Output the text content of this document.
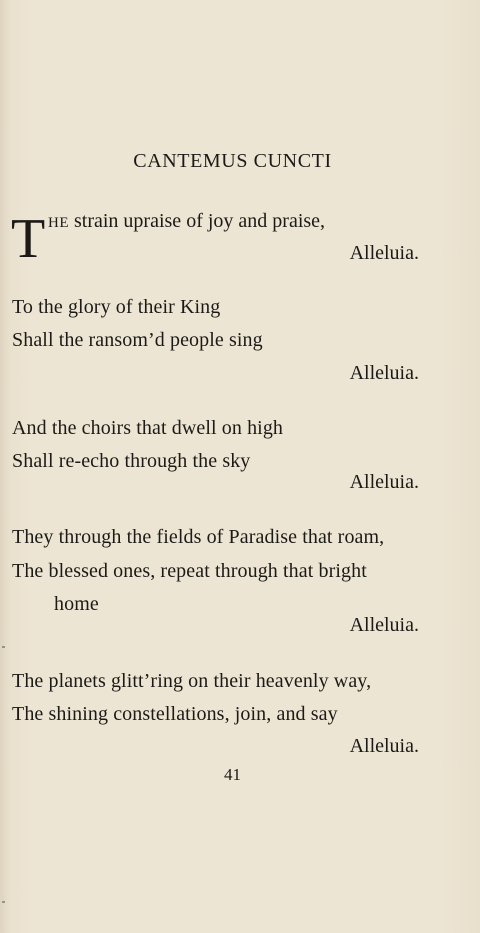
CANTEMUS CUNCTI
T HE strain upraise of joy and praise,
Alleluia.
To the glory of their King
Shall the ransom’d people sing
Alleluia.
And the choirs that dwell on high
Shall re-echo through the sky
Alleluia.
They through the fields of Paradise that roam,
The blessed ones, repeat through that bright
home
Alleluia.
The planets glitt’ring on their heavenly way,
The shining constellations, join, and say
Alleluia.
41
